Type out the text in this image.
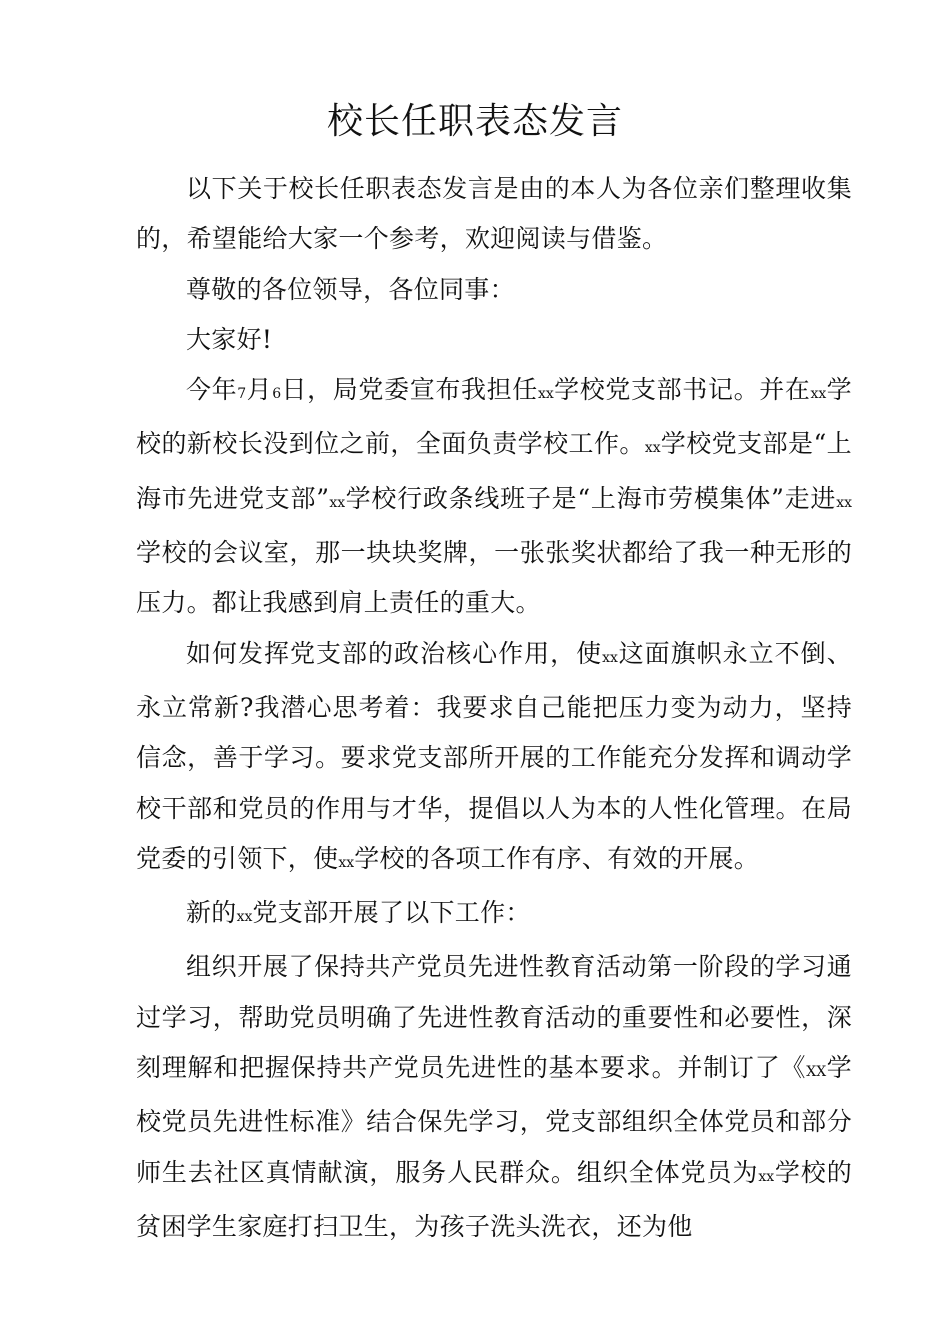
校长任职表态发言

以下关于校长任职表态发言是由的本人为各位亲们整理收集的，希望能给大家一个参考，欢迎阅读与借鉴。

尊敬的各位领导，各位同事：

大家好!

今年7月6日，局党委宣布我担任xx学校党支部书记。并在xx学校的新校长没到位之前，全面负责学校工作。xx学校党支部是“上海市先进党支部”xx学校行政条线班子是“上海市劳模集体”走进xx学校的会议室，那一块块奖牌，一张张奖状都给了我一种无形的压力。都让我感到肩上责任的重大。

如何发挥党支部的政治核心作用，使xx这面旗帜永立不倒、永立常新?我潜心思考着：我要求自己能把压力变为动力，坚持信念，善于学习。要求党支部所开展的工作能充分发挥和调动学校干部和党员的作用与才华，提倡以人为本的人性化管理。在局党委的引领下，使xx学校的各项工作有序、有效的开展。

新的xx党支部开展了以下工作：

组织开展了保持共产党员先进性教育活动第一阶段的学习通过学习，帮助党员明确了先进性教育活动的重要性和必要性，深刻理解和把握保持共产党员先进性的基本要求。并制订了《XX学校党员先进性标准》结合保先学习，党支部组织全体党员和部分师生去社区真情献演，服务人民群众。组织全体党员为xx学校的贫困学生家庭打扫卫生，为孩子洗头洗衣，还为他
